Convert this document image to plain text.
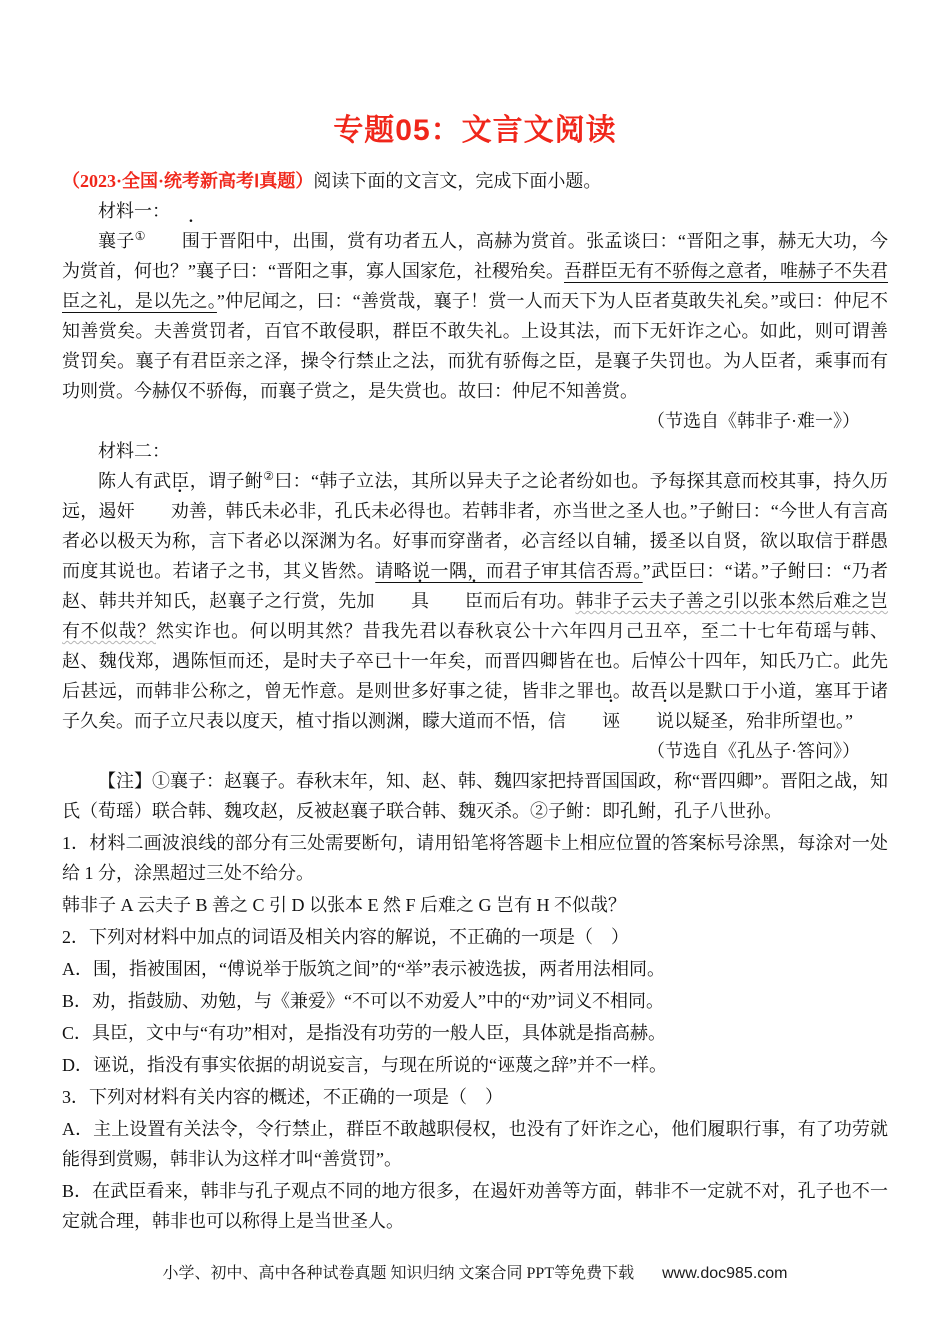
专题05：文言文阅读
（2023·全国·统考新高考Ⅰ真题）阅读下面的文言文，完成下面小题。
材料一：
襄子① 围于晋阳中，出围，赏有功者五人，高赫为赏首。张孟谈曰：“晋阳之事，赫无大功，今为赏首，何也？”襄子曰：“晋阳之事，寡人国家危，社稷殆矣。吾群臣无有不骄侮之意者，唯赫子不失君臣之礼，是以先之。”仲尼闻之，曰：“善赏哉，襄子！赏一人而天下为人臣者莫敢失礼矣。”或曰：仲尼不知善赏矣。夫善赏罚者，百官不敢侵职，群臣不敢失礼。上设其法，而下无奸诈之心。如此，则可谓善赏罚矣。襄子有君臣亲之泽，操令行禁止之法，而犹有骄侮之臣，是襄子失罚也。为人臣者，乘事而有功则赏。今赫仅不骄侮，而襄子赏之，是失赏也。故曰：仲尼不知善赏。
（节选自《韩非子·难一》）
材料二：
陈人有武臣，谓子鲋②曰：“韩子立法，其所以异夫子之论者纷如也。予每探其意而校其事，持久历远，遏奸 劝善，韩氏未必非，孔氏未必得也。若韩非者，亦当世之圣人也。”子鲋曰：“今世人有言高者必以极天为称，言下者必以深渊为名。好事而穿凿者，必言经以自辅，援圣以自贤，欲以取信于群愚而度其说也。若诸子之书，其义皆然。请略说一隅，而君子审其信否焉。”武臣曰：“诺。”子鲋曰：“乃者赵、韩共并知氏，赵襄子之行赏，先加 具 臣而后有功。韩非子云夫子善之引以张本然后难之岂有不似哉？然实诈也。何以明其然？昔我先君以春秋哀公十六年四月己丑卒，至二十七年荀瑶与韩、赵、魏伐郑，遇陈恒而还，是时夫子卒已十一年矣，而晋四卿皆在也。后悼公十四年，知氏乃亡。此先后甚远，而韩非公称之，曾无怍意。是则世多好事之徒，皆非之罪也。故吾以是默口于小道，塞耳于诸子久矣。而子立尺表以度天，植寸指以测渊，矇大道而不悟，信 诬 说以疑圣，殆非所望也。”
（节选自《孔丛子·答问》）
【注】①襄子：赵襄子。春秋末年，知、赵、韩、魏四家把持晋国国政，称“晋四卿”。晋阳之战，知氏（荀瑶）联合韩、魏攻赵，反被赵襄子联合韩、魏灭杀。②子鲋：即孔鲋，孔子八世孙。
1．材料二画波浪线的部分有三处需要断句，请用铅笔将答题卡上相应位置的答案标号涂黑，每涂对一处给 1 分，涂黑超过三处不给分。
韩非子 A 云夫子 B 善之 C 引 D 以张本 E 然 F 后难之 G 岂有 H 不似哉？
2．下列对材料中加点的词语及相关内容的解说，不正确的一项是（　）
A．围，指被围困，“傅说举于版筑之间”的“举”表示被选拔，两者用法相同。
B．劝，指鼓励、劝勉，与《兼爱》“不可以不劝爱人”中的“劝”词义不相同。
C．具臣，文中与“有功”相对，是指没有功劳的一般人臣，具体就是指高赫。
D．诬说，指没有事实依据的胡说妄言，与现在所说的“诬蔑之辞”并不一样。
3．下列对材料有关内容的概述，不正确的一项是（　）
A．主上设置有关法令，令行禁止，群臣不敢越职侵权，也没有了奸诈之心，他们履职行事，有了功劳就能得到赏赐，韩非认为这样才叫“善赏罚”。
B．在武臣看来，韩非与孔子观点不同的地方很多，在遏奸劝善等方面，韩非不一定就不对，孔子也不一定就合理，韩非也可以称得上是当世圣人。
小学、初中、高中各种试卷真题 知识归纳 文案合同 PPT等免费下载 www.doc985.com
